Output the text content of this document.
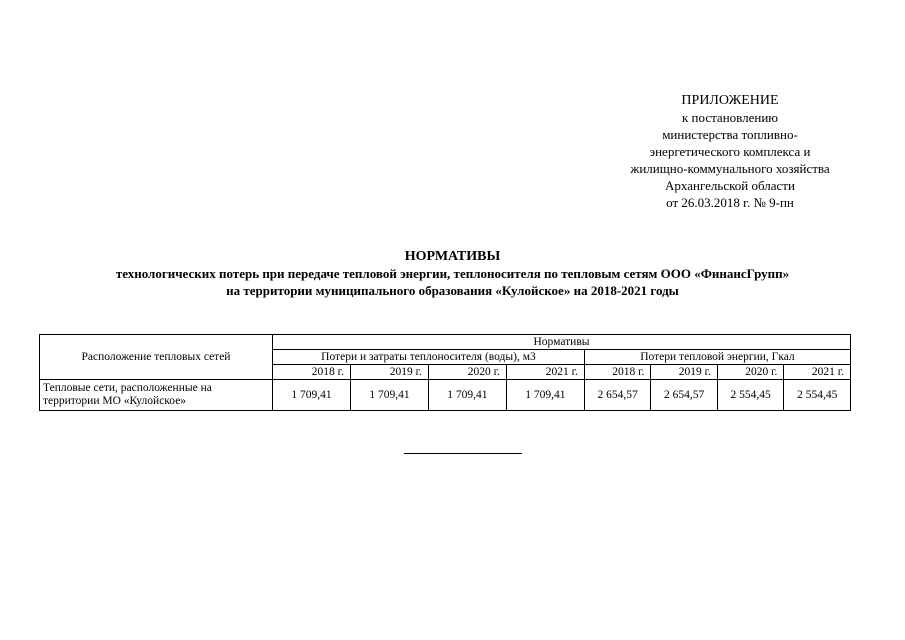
ПРИЛОЖЕНИЕ
к постановлению
министерства топливно-
энергетического комплекса и
жилищно-коммунального хозяйства
Архангельской области
от 26.03.2018 г. № 9-пн
НОРМАТИВЫ
технологических потерь при передаче тепловой энергии, теплоносителя по тепловым сетям ООО «ФинансГрупп»
на территории муниципального образования «Кулойское» на 2018-2021 годы
Расположение тепловых сетей	Нормативы							
	Потери и затраты теплоносителя (воды), м3				Потери тепловой энергии, Гкал			
	2018 г.	2019 г.	2020 г.	2021 г.	2018 г.	2019 г.	2020 г.	2021 г.
Тепловые сети, расположенные на территории МО «Кулойское»	1 709,41	1 709,41	1 709,41	1 709,41	2 654,57	2 654,57	2 554,45	2 554,45
